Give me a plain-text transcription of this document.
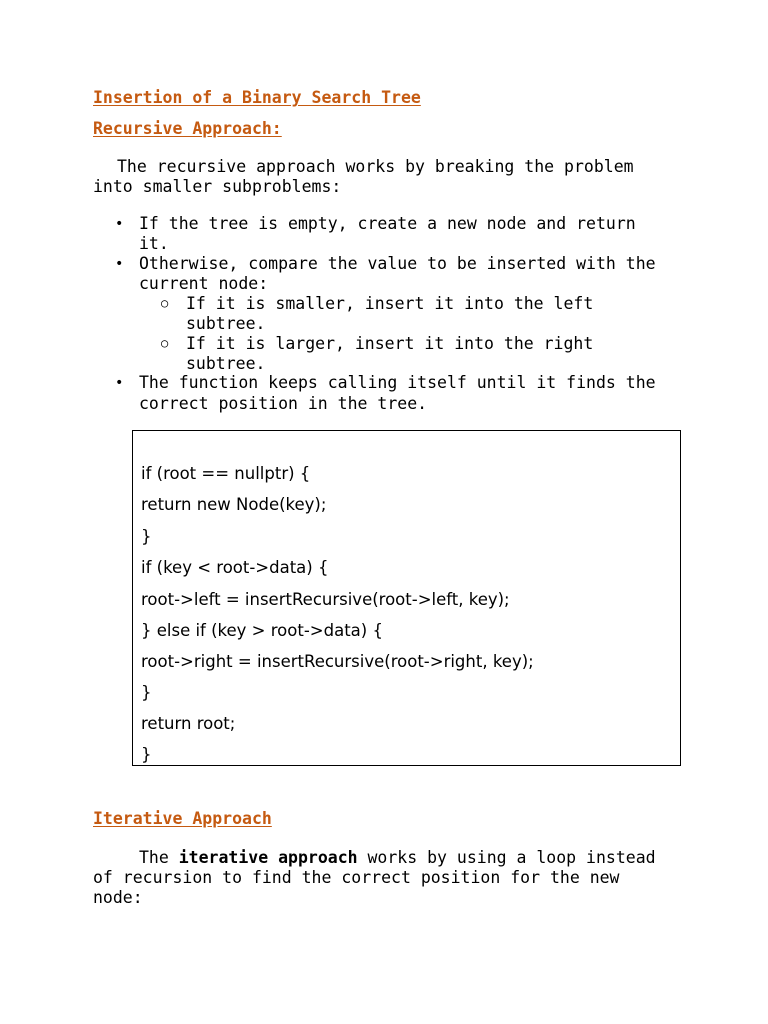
Insertion of a Binary Search Tree
Recursive Approach:
The recursive approach works by breaking the problem
into smaller subproblems:
• If the tree is empty, create a new node and return
it.
• Otherwise, compare the value to be inserted with the
current node:
○ If it is smaller, insert it into the left
subtree.
○ If it is larger, insert it into the right
subtree.
• The function keeps calling itself until it finds the
correct position in the tree.
if (root == nullptr) {
return new Node(key);
}
if (key < root->data) {
root->left = insertRecursive(root->left, key);
} else if (key > root->data) {
root->right = insertRecursive(root->right, key);
}
return root;
}
Iterative Approach
The iterative approach works by using a loop instead
of recursion to find the correct position for the new
node:
